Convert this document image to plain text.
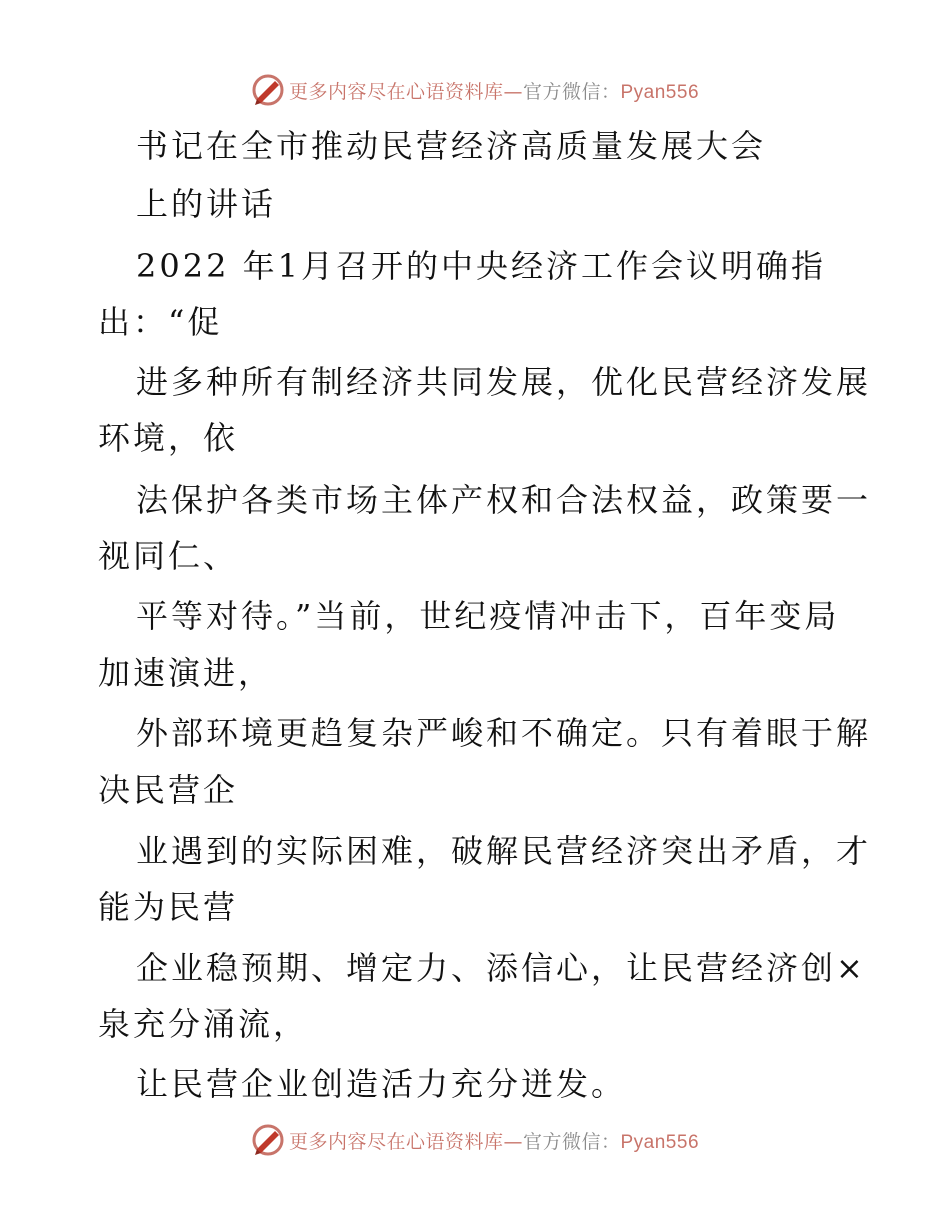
更多内容尽在心语资料库—官方微信：Pyan556
书记在全市推动民营经济高质量发展大会
上的讲话
2022 年1月召开的中央经济工作会议明确指
出：“促
进多种所有制经济共同发展，优化民营经济发展
环境，依
法保护各类市场主体产权和合法权益，政策要一
视同仁、
平等对待。”当前，世纪疫情冲击下，百年变局
加速演进，
外部环境更趋复杂严峻和不确定。只有着眼于解
决民营企
业遇到的实际困难，破解民营经济突出矛盾，才
能为民营
企业稳预期、增定力、添信心，让民营经济创×
泉充分涌流，
让民营企业创造活力充分迸发。
更多内容尽在心语资料库—官方微信：Pyan556
